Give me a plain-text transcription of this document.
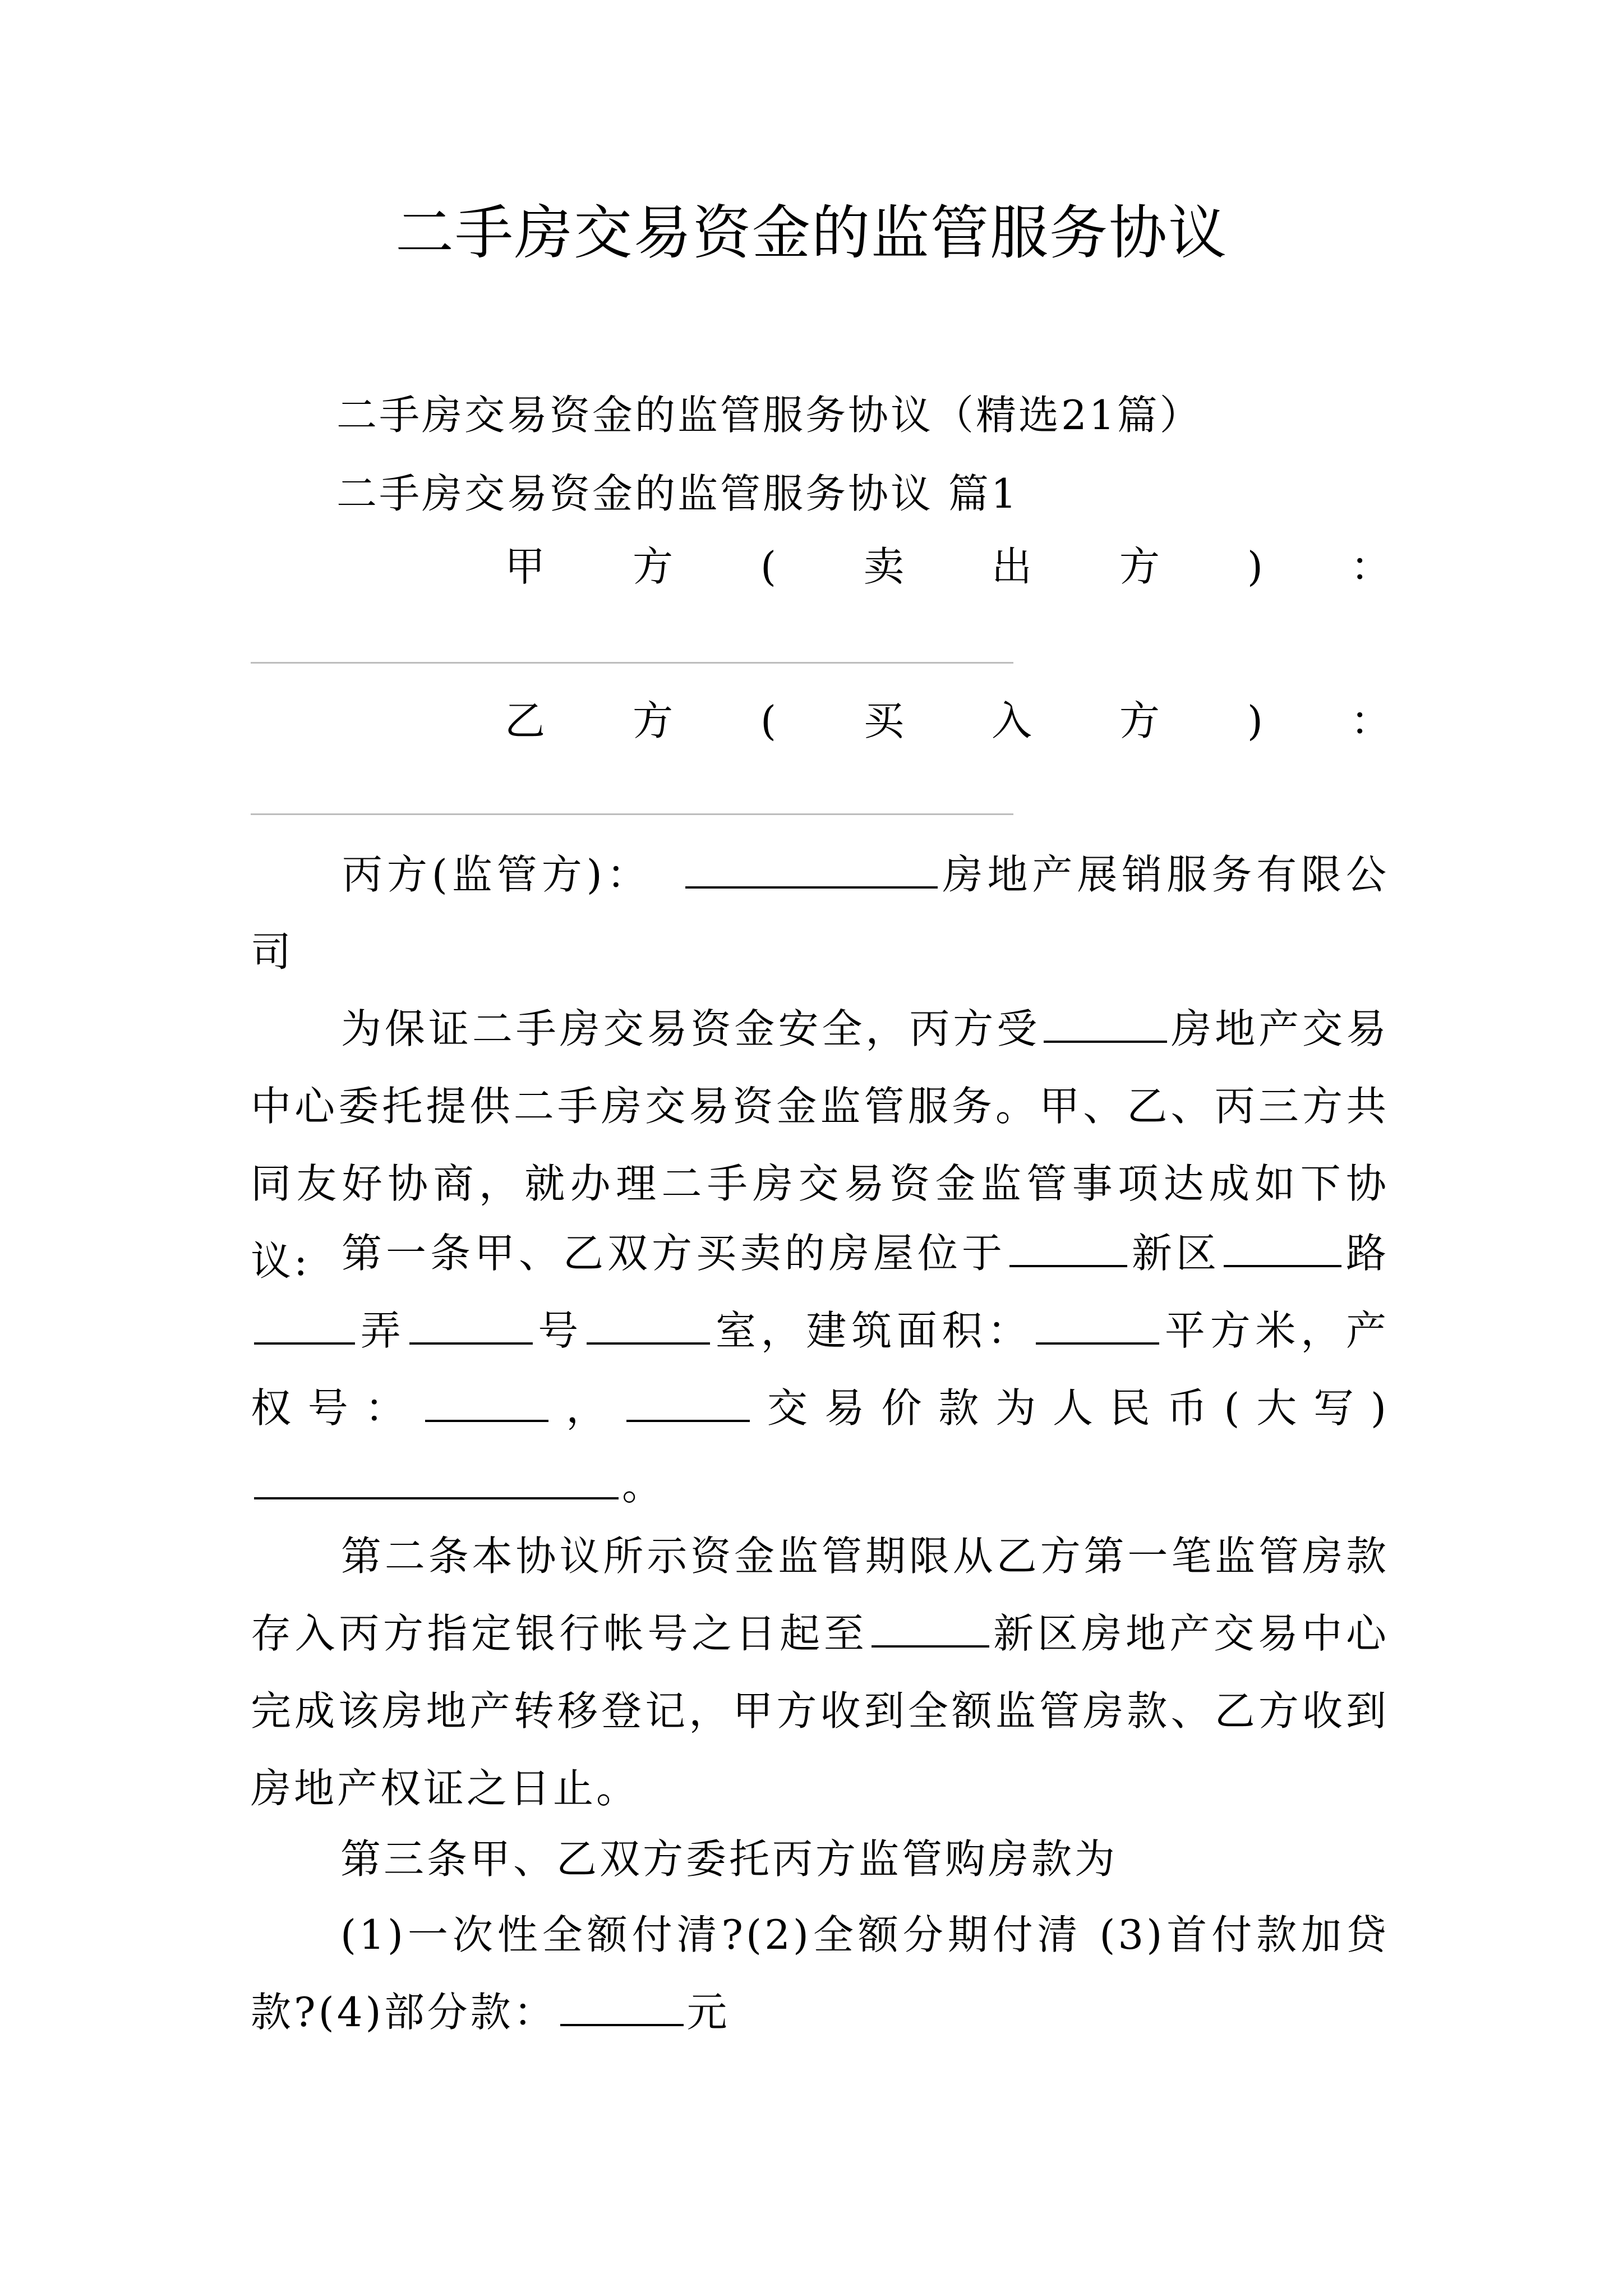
二手房交易资金的监管服务协议
二手房交易资金的监管服务协议（精选21篇）
二手房交易资金的监管服务协议 篇1
甲 方 ( 卖 出 方 ) ：
乙 方 ( 买 入 方 ) ：
丙方(监管方)：	房地产展销服务有限公司
为保证二手房交易资金安全，丙方受	房地产交易中心委托提供二手房交易资金监管服务。甲、乙、丙三方共同友好协商，就办理二手房交易资金监管事项达成如下协议: 第一条甲、乙双方买卖的房屋位于	新区	路弄	号	室，建筑面积：	平方米，产权号：	，	交易价款为人民币(大写)。
第二条本协议所示资金监管期限从乙方第一笔监管房款存入丙方指定银行帐号之日起至	新区房地产交易中心完成该房地产转移登记，甲方收到全额监管房款、乙方收到房地产权证之日止。
第三条甲、乙双方委托丙方监管购房款为
(1)一次性全额付清?(2)全额分期付清 (3)首付款加贷款?(4)部分款：	元
